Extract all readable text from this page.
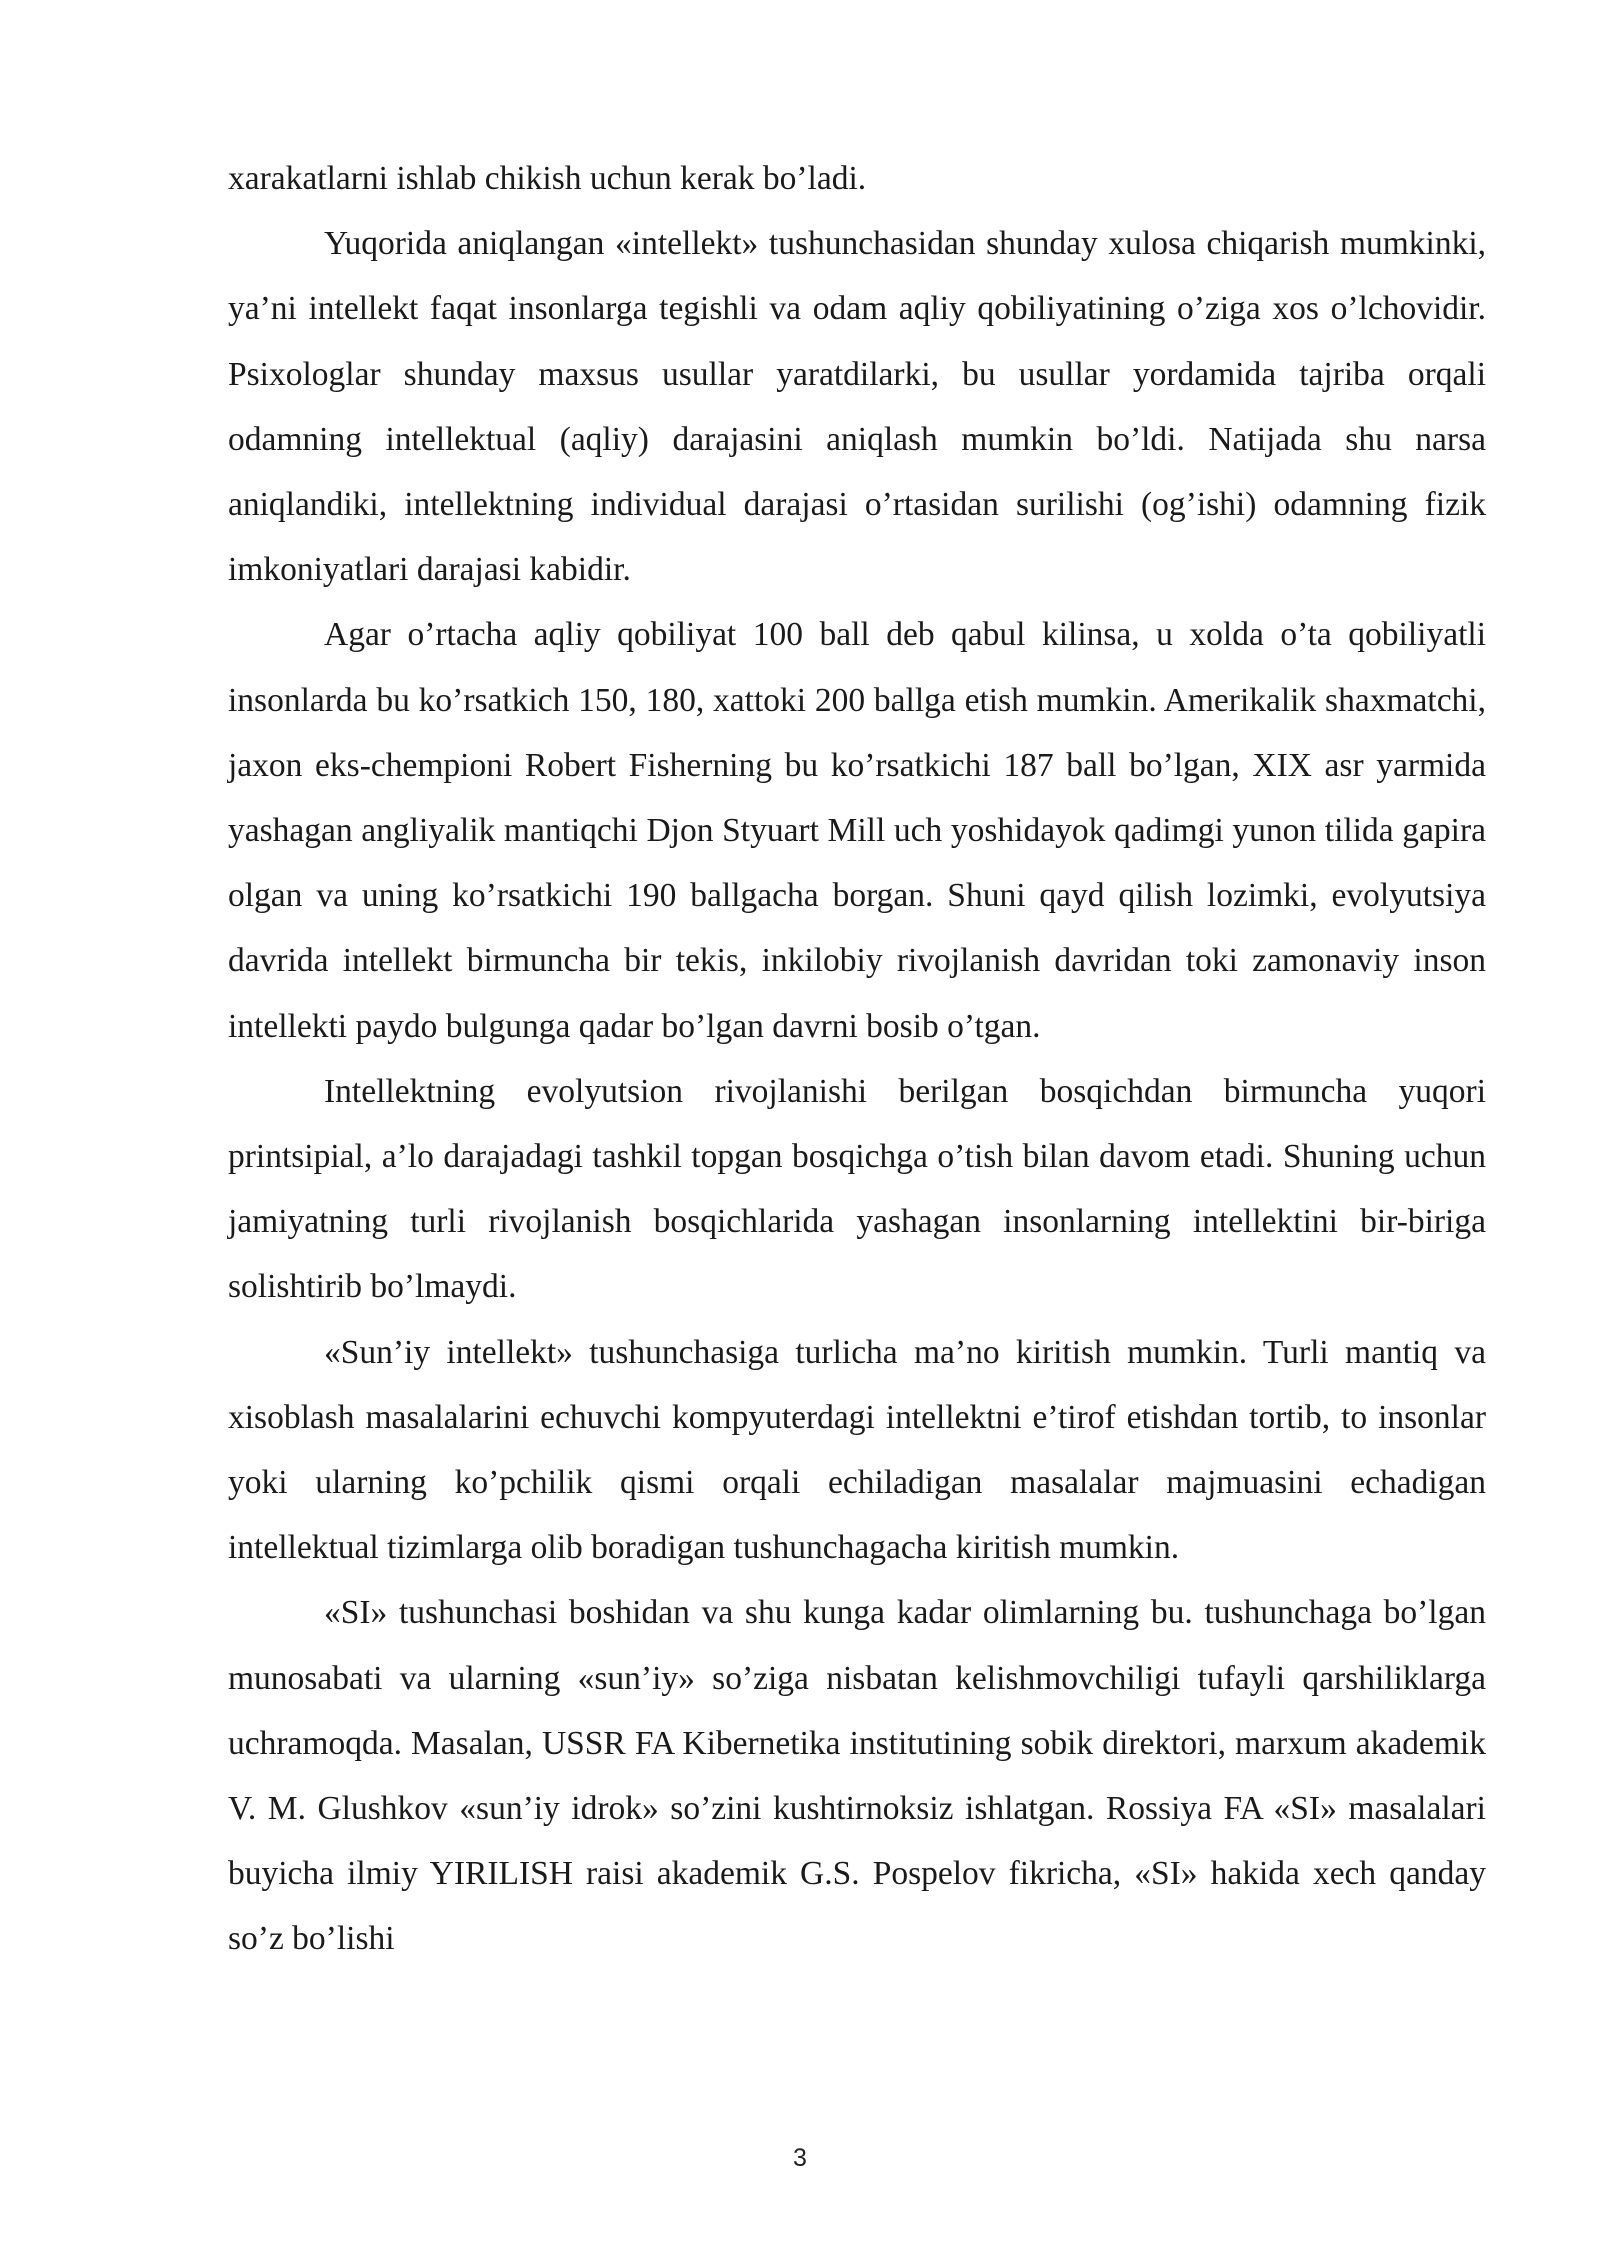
xarakatlarni ishlab chikish uchun kerak bo’ladi.

Yuqorida aniqlangan «intellekt» tushunchasidan shunday xulosa chiqarish mumkinki, ya’ni intellekt faqat insonlarga tegishli va odam aqliy qobiliyatining o’ziga xos o’lchovidir. Psixologlar shunday maxsus usullar yaratdilarki, bu usullar yordamida tajriba orqali odamning intellektual (aqliy) darajasini aniqlash mumkin bo’ldi. Natijada shu narsa aniqlandiki, intellektning individual darajasi o’rtasidan surilishi (og’ishi) odamning fizik imkoniyatlari darajasi kabidir.

Agar o’rtacha aqliy qobiliyat 100 ball deb qabul kilinsa, u xolda o’ta qobiliyatli insonlarda bu ko’rsatkich 150, 180, xattoki 200 ballga etish mumkin. Amerikalik shaxmatchi, jaxon eks-chempioni Robert Fisherning bu ko’rsatkichi 187 ball bo’lgan, XIX asr yarmida yashagan angliyalik mantiqchi Djon Styuart Mill uch yoshidayok qadimgi yunon tilida gapira olgan va uning ko’rsatkichi 190 ballgacha borgan. Shuni qayd qilish lozimki, evolyutsiya davrida intellekt birmuncha bir tekis, inkilobiy rivojlanish davridan toki zamonaviy inson intellekti paydo bulgunga qadar bo’lgan davrni bosib o’tgan.

Intellektning evolyutsion rivojlanishi berilgan bosqichdan birmuncha yuqori printsipial, a’lo darajadagi tashkil topgan bosqichga o’tish bilan davom etadi. Shuning uchun jamiyatning turli rivojlanish bosqichlarida yashagan insonlarning intellektini bir-biriga solishtirib bo’lmaydi.

«Sun’iy intellekt» tushunchasiga turlicha ma’no kiritish mumkin. Turli mantiq va xisoblash masalalarini echuvchi kompyuterdagi intellektni e’tirof etishdan tortib, to insonlar yoki ularning ko’pchilik qismi orqali echiladigan masalalar majmuasini echadigan intellektual tizimlarga olib boradigan tushunchagacha kiritish mumkin.

«SI» tushunchasi boshidan va shu kunga kadar olimlarning bu. tushunchaga bo’lgan munosabati va ularning «sun’iy» so’ziga nisbatan kelishmovchiligi tufayli qarshiliklarga uchramoqda. Masalan, USSR FA Kibernetika institutining sobik direktori, marxum akademik V. M. Glushkov «sun’iy idrok» so’zini kushtirnoksiz ishlatgan. Rossiya FA «SI» masalalari buyicha ilmiy YIRILISH raisi akademik G.S. Pospelov fikricha, «SI» hakida xech qanday so’z bo’lishi

3
